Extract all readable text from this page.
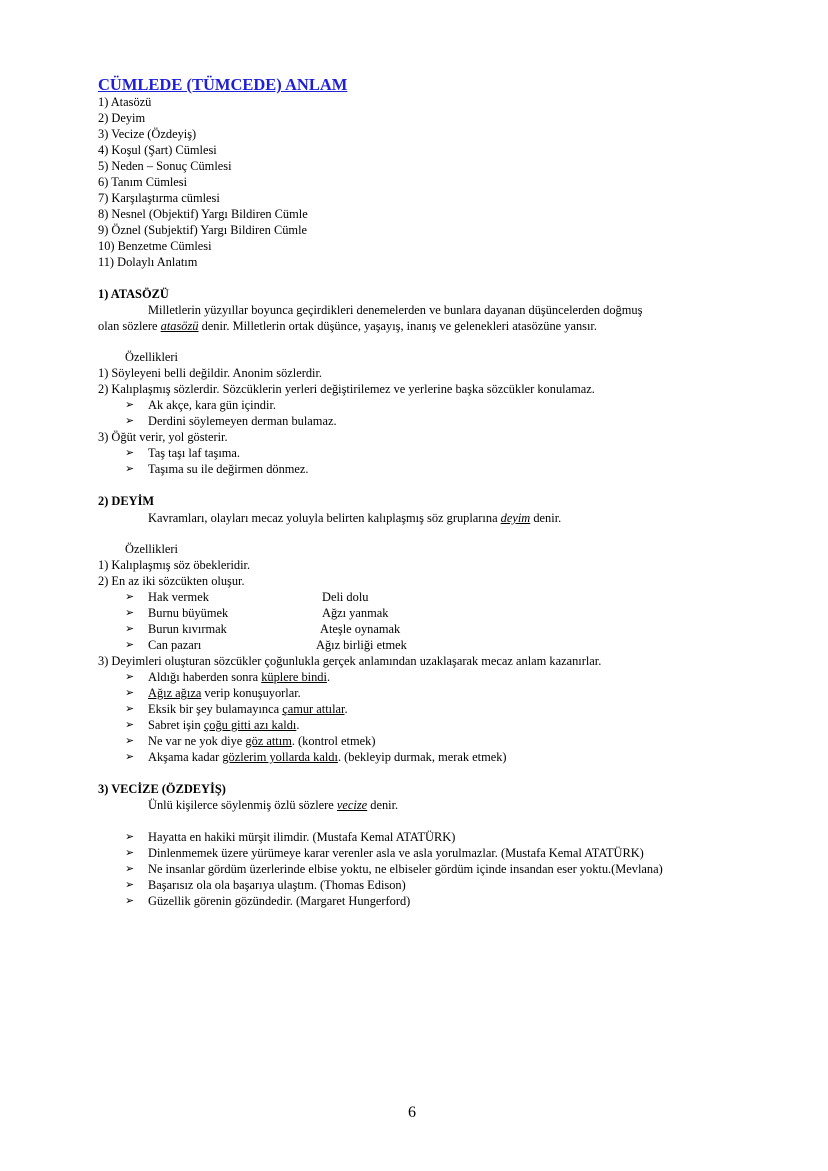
CÜMLEDE (TÜMCEDE) ANLAM
1) Atasözü
2) Deyim
3) Vecize (Özdeyiş)
4) Koşul (Şart) Cümlesi
5) Neden – Sonuç Cümlesi
6) Tanım Cümlesi
7) Karşılaştırma cümlesi
8) Nesnel (Objektif) Yargı Bildiren Cümle
9) Öznel (Subjektif) Yargı Bildiren Cümle
10) Benzetme Cümlesi
11) Dolaylı Anlatım
1) ATASÖZÜ
Milletlerin yüzyıllar boyunca geçirdikleri denemelerden ve bunlara dayanan düşüncelerden doğmuş
olan sözlere atasözü denir. Milletlerin ortak düşünce, yaşayış, inanış ve gelenekleri atasözüne yansır.
Özellikleri
1) Söyleyeni belli değildir. Anonim sözlerdir.
2) Kalıplaşmış sözlerdir. Sözcüklerin yerleri değiştirilemez ve yerlerine başka sözcükler konulamaz.
➢ Ak akçe, kara gün içindir.
➢ Derdini söylemeyen derman bulamaz.
3) Öğüt verir, yol gösterir.
➢ Taş taşı laf taşıma.
➢ Taşıma su ile değirmen dönmez.
2) DEYİM
Kavramları, olayları mecaz yoluyla belirten kalıplaşmış söz gruplarına deyim denir.
Özellikleri
1) Kalıplaşmış söz öbekleridir.
2) En az iki sözcükten oluşur.
➢ Hak vermek	Deli dolu
➢ Burnu büyümek	Ağzı yanmak
➢ Burun kıvırmak	Ateşle oynamak
➢ Can pazarı	Ağız birliği etmek
3) Deyimleri oluşturan sözcükler çoğunlukla gerçek anlamından uzaklaşarak mecaz anlam kazanırlar.
➢ Aldığı haberden sonra küplere bindi.
➢ Ağız ağıza verip konuşuyorlar.
➢ Eksik bir şey bulamayınca çamur attılar.
➢ Sabret işin çoğu gitti azı kaldı.
➢ Ne var ne yok diye göz attım. (kontrol etmek)
➢ Akşama kadar gözlerim yollarda kaldı. (bekleyip durmak, merak etmek)
3) VECİZE (ÖZDEYİŞ)
Ünlü kişilerce söylenmiş özlü sözlere vecize denir.
➢ Hayatta en hakiki mürşit ilimdir. (Mustafa Kemal ATATÜRK)
➢ Dinlenmemek üzere yürümeye karar verenler asla ve asla yorulmazlar. (Mustafa Kemal ATATÜRK)
➢ Ne insanlar gördüm üzerlerinde elbise yoktu, ne elbiseler gördüm içinde insandan eser yoktu.(Mevlana)
➢ Başarısız ola ola başarıya ulaştım. (Thomas Edison)
➢ Güzellik görenin gözündedir. (Margaret Hungerford)
6
